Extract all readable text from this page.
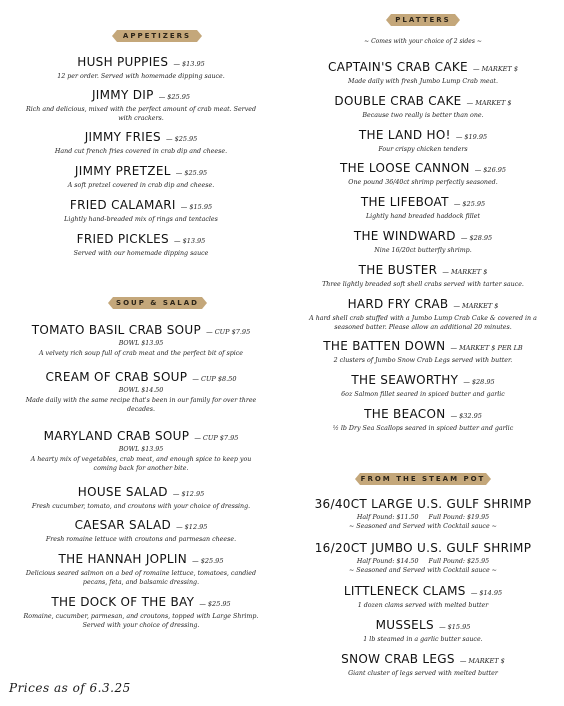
APPETIZERS
HUSH PUPPIES — $13.95
12 per order. Served with homemade dipping sauce.
JIMMY DIP — $25.95
Rich and delicious, mixed with the perfect amount of crab meat. Served with crackers.
JIMMY FRIES — $25.95
Hand cut french fries covered in crab dip and cheese.
JIMMY PRETZEL — $25.95
A soft pretzel covered in crab dip and cheese.
FRIED CALAMARI — $15.95
Lightly hand-breaded mix of rings and tentacles
FRIED PICKLES — $13.95
Served with our homemade dipping sauce
SOUP & SALAD
TOMATO BASIL CRAB SOUP — CUP $7.95
BOWL $13.95
A velvety rich soup full of crab meat and the perfect bit of spice
CREAM OF CRAB SOUP — CUP $8.50
BOWL $14.50
Made daily with the same recipe that's been in our family for over three decades.
MARYLAND CRAB SOUP — CUP $7.95
BOWL $13.95
A hearty mix of vegetables, crab meat, and enough spice to keep you coming back for another bite.
HOUSE SALAD — $12.95
Fresh cucumber, tomato, and croutons with your choice of dressing.
CAESAR SALAD — $12.95
Fresh romaine lettuce with croutons and parmesan cheese.
THE HANNAH JOPLIN — $25.95
Delicious seared salmon on a bed of romaine lettuce, tomatoes, candied pecans, feta, and balsamic dressing.
THE DOCK OF THE BAY — $25.95
Romaine, cucumber, parmesan, and croutons, topped with Large Shrimp. Served with your choice of dressing.
PLATTERS
~ Comes with your choice of 2 sides ~
CAPTAIN'S CRAB CAKE — MARKET $
Made daily with fresh Jumbo Lump Crab meat.
DOUBLE CRAB CAKE — MARKET $
Because two really is better than one.
THE LAND HO! — $19.95
Four crispy chicken tenders
THE LOOSE CANNON — $26.95
One pound 36/40ct shrimp perfectly seasoned.
THE LIFEBOAT — $25.95
Lightly hand breaded haddock fillet
THE WINDWARD — $28.95
Nine 16/20ct butterfly shrimp.
THE BUSTER — MARKET $
Three lightly breaded soft shell crabs served with tarter sauce.
HARD FRY CRAB — MARKET $
A hard shell crab stuffed with a Jumbo Lump Crab Cake & covered in a seasoned batter. Please allow an additional 20 minutes.
THE BATTEN DOWN — MARKET $ PER LB
2 clusters of Jumbo Snow Crab Legs served with butter.
THE SEAWORTHY — $28.95
6oz Salmon fillet seared in spiced butter and garlic
THE BEACON — $32.95
½ lb Dry Sea Scallops seared in spiced butter and garlic
FROM THE STEAM POT
36/40CT LARGE U.S. GULF SHRIMP
Half Pound: $11.50     Full Pound: $19.95
~ Seasoned and Served with Cocktail sauce ~
16/20CT JUMBO U.S. GULF SHRIMP
Half Pound: $14.50     Full Pound: $25.95
~ Seasoned and Served with Cocktail sauce ~
LITTLENECK CLAMS — $14.95
1 dozen clams served with melted butter
MUSSELS — $15.95
1 lb steamed in a garlic butter sauce.
SNOW CRAB LEGS — MARKET $
Giant cluster of legs served with melted butter
Prices as of 6.3.25
